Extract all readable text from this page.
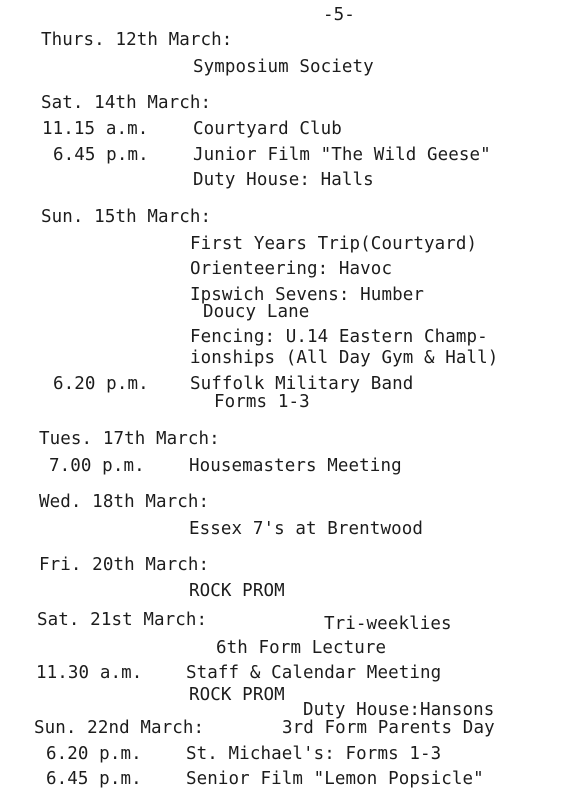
-5-
Thurs. 12th March:
Symposium Society
Sat. 14th March:
11.15 a.m.	Courtyard Club
6.45 p.m.	Junior Film "The Wild Geese"
Duty House: Halls
Sun. 15th March:
First Years Trip(Courtyard)
Orienteering: Havoc
Ipswich Sevens: Humber
Doucy Lane
Fencing: U.14 Eastern Champ-
ionships (All Day Gym & Hall)
6.20 p.m. Suffolk Military Band
Forms 1-3
Tues. 17th March:
7.00 p.m.	Housemasters Meeting
Wed. 18th March:
Essex 7's at Brentwood
Fri. 20th March:
ROCK PROM
Sat. 21st March:	Tri-weeklies
6th Form Lecture
11.30 a.m. Staff & Calendar Meeting
ROCK PROM
Duty House:Hansons
Sun. 22nd March:	3rd Form Parents Day
6.20 p.m.	St. Michael's: Forms 1-3
6.45 p.m.	Senior Film "Lemon Popsicle"
